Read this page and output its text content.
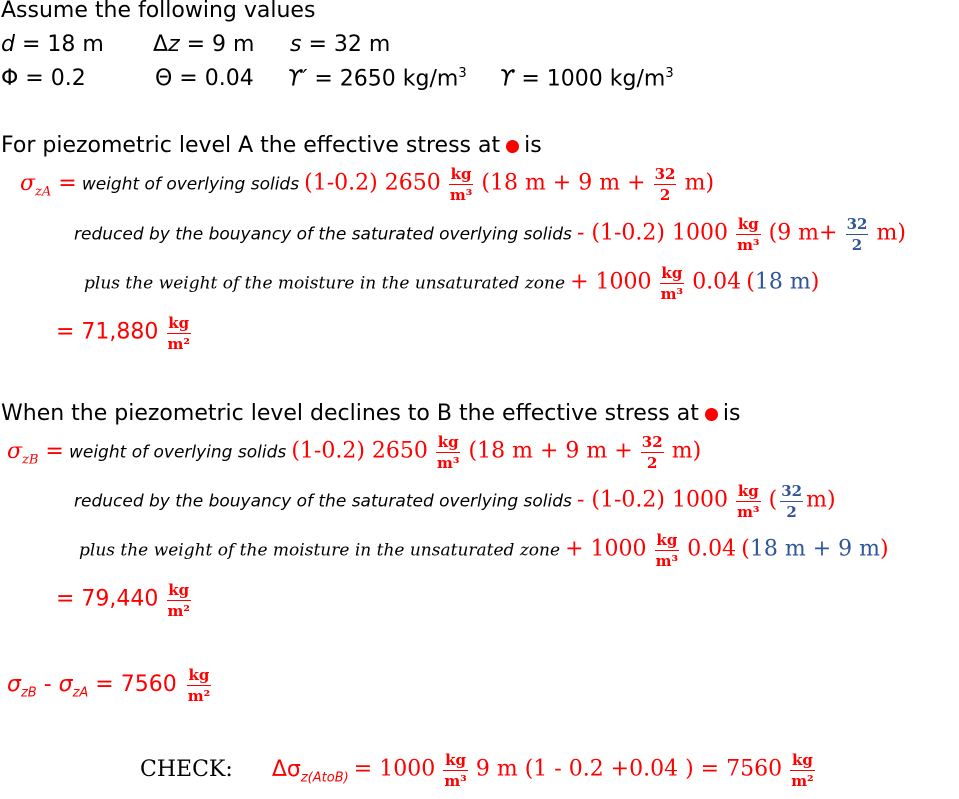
Assume the following values
d = 18 m Δz = 9 m s = 32 m
Φ = 0.2	Θ = 0.04 ϒ′ = 2650 $kg/m^3$ ϒ = 1000 $kg/m^3$
For piezometric level A the effective stress at is
$\sigma_{zA}$ = weight of overlying solids (1-0.2) $2650 \frac{kg}{\text{m³}} (18$ m + 9 $m + \frac{32}{2} m$)
reduced by the bouyancy of the saturated overlying solids - (1-0.2) $1000 \frac{kg}{\text{m³}} (9$ $m+ \frac{32}{2} m$)
plus the weight of the moisture in the unsaturated zone + $1000 \frac{kg}{\text{m³}} 0.04$ (18 m)
= $71,880 \frac{kg}{\text{m²}}$
When the piezometric level declines to B the effective stress at is
$\sigma_{zB}$ = weight of overlying solids (1-0.2) $2650 \frac{kg}{\text{m³}} (18$ m + 9 $m + \frac{32}{2} m$)
reduced by the bouyancy of the saturated overlying solids - (1-0.2) $1000 \frac{kg}{\text{m³}}$ ( $\frac{32}{2} m$)
plus the weight of the moisture in the unsaturated zone + $1000 \frac{kg}{\text{m³}} 0.04$ (18 m + 9 m)
= $79,440 \frac{kg}{\text{m²}}$
$\sigma_{zB} - \sigma_{zA} = 7560 \frac{kg}{\text{m²}}$
CHECK: $\Delta\sigma_{z(AtoB)} = 1000 \frac{kg}{\text{m³}} 9$ m (1 - 0.2 +0.04 ) = $7560 \frac{kg}{\text{m²}}$
